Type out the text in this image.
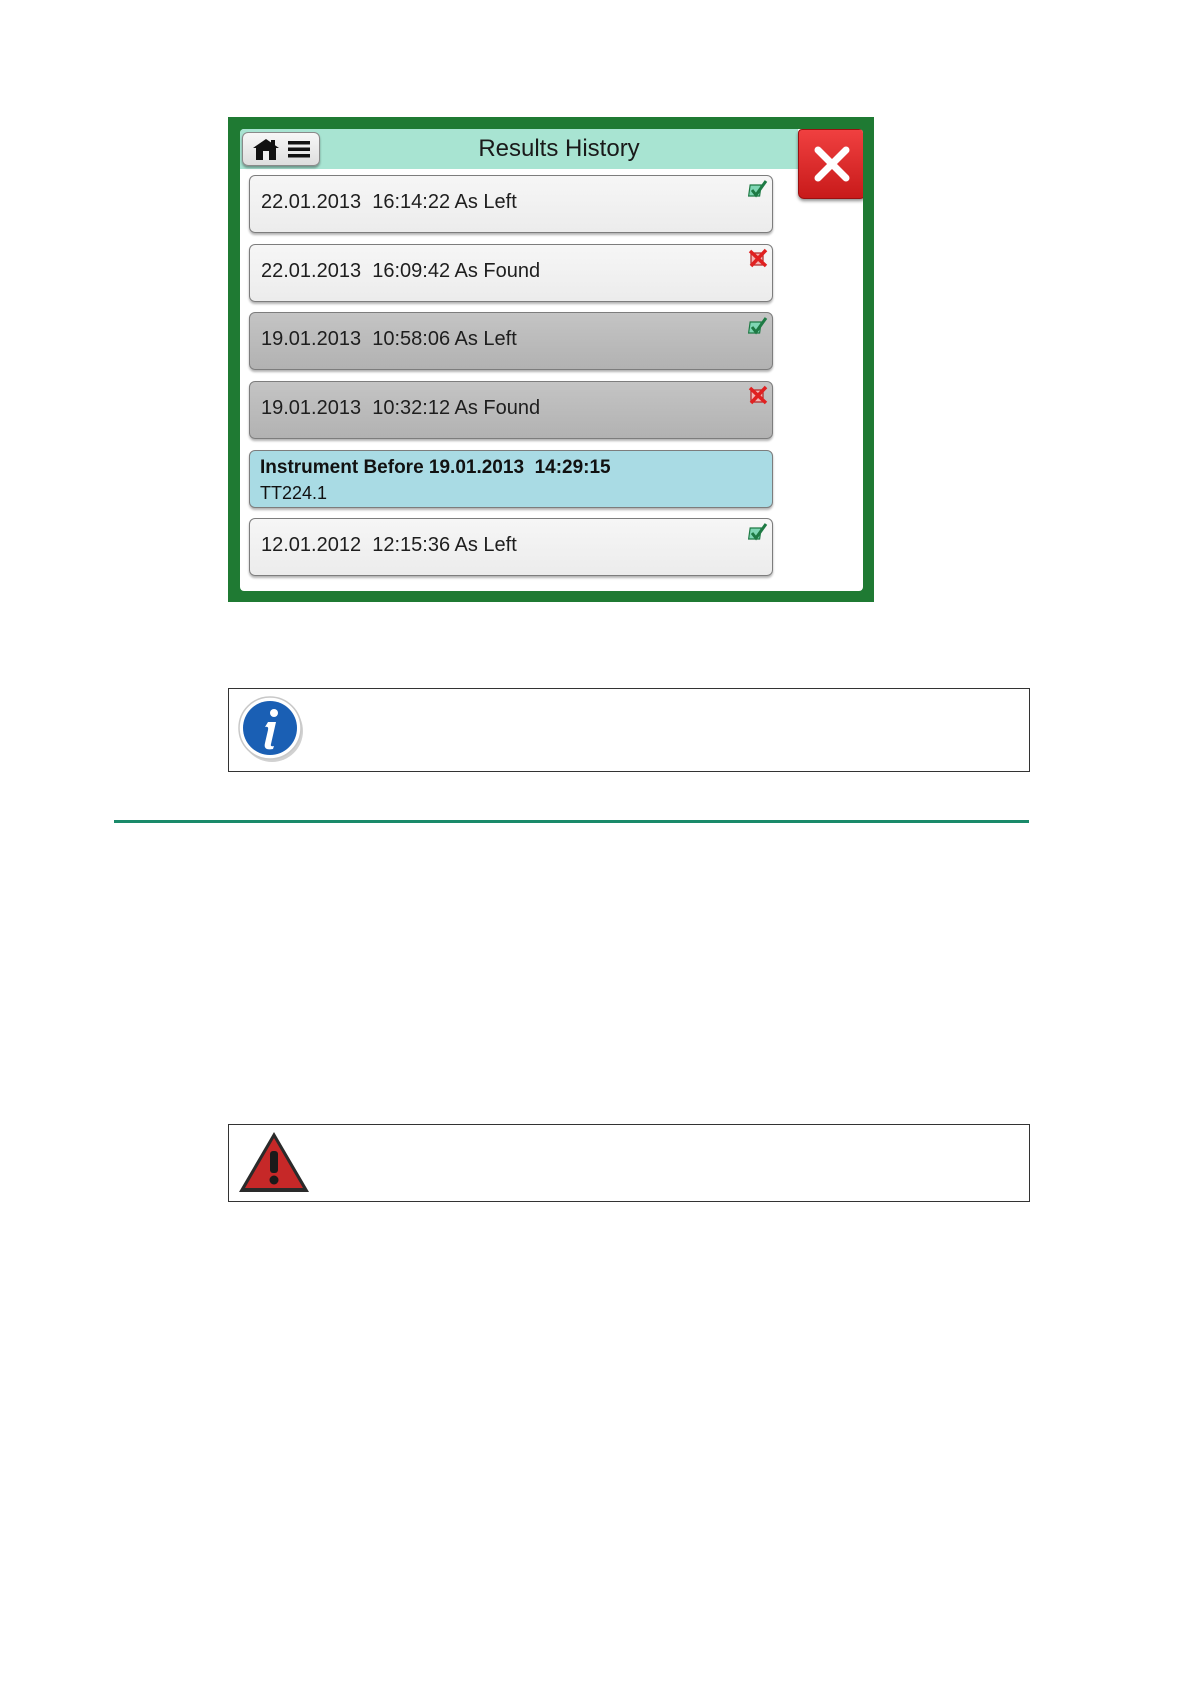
Results History
22.01.2013  16:14:22 As Left
22.01.2013  16:09:42 As Found
19.01.2013  10:58:06 As Left
19.01.2013  10:32:12 As Found
Instrument Before 19.01.2013  14:29:15
TT224.1
12.01.2012  12:15:36 As Left
